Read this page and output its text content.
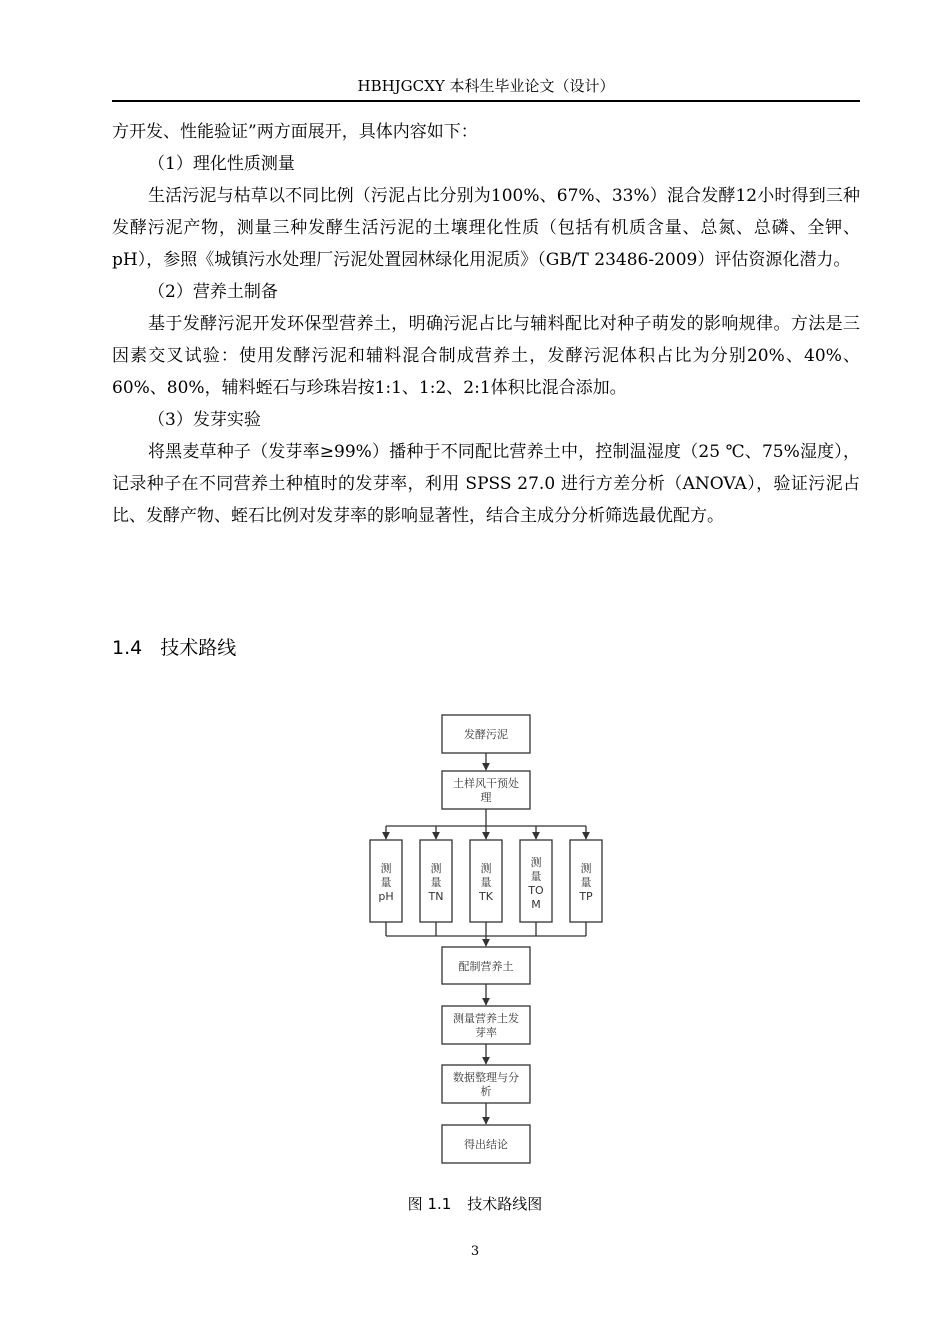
HBHJGCXY 本科生毕业论文（设计）

方开发、性能验证”两方面展开，具体内容如下：

（1）理化性质测量

生活污泥与枯草以不同比例（污泥占比分别为100%、67%、33%）混合发酵12小时得到三种发酵污泥产物，测量三种发酵生活污泥的土壤理化性质（包括有机质含量、总氮、总磷、全钾、pH），参照《城镇污水处理厂污泥处置园林绿化用泥质》（GB/T 23486-2009）评估资源化潜力。

（2）营养土制备

基于发酵污泥开发环保型营养土，明确污泥占比与辅料配比对种子萌发的影响规律。方法是三因素交叉试验：使用发酵污泥和辅料混合制成营养土，发酵污泥体积占比为分别20%、40%、60%、80%，辅料蛭石与珍珠岩按1:1、1:2、2:1体积比混合添加。

（3）发芽实验

将黑麦草种子（发芽率≥99%）播种于不同配比营养土中，控制温湿度（25 ℃、75%湿度），记录种子在不同营养土种植时的发芽率，利用 SPSS 27.0 进行方差分析（ANOVA），验证污泥占比、发酵产物、蛭石比例对发芽率的影响显著性，结合主成分分析筛选最优配方。

1.4 技术路线
发酵污泥
土样风干预处
理
测
量
pH
测
量
TN
测
量
TK
测
量
TO
M
测
量
TP
配制营养土
测量营养土发
芽率
数据整理与分
析
得出结论
图 1.1 技术路线图
3
